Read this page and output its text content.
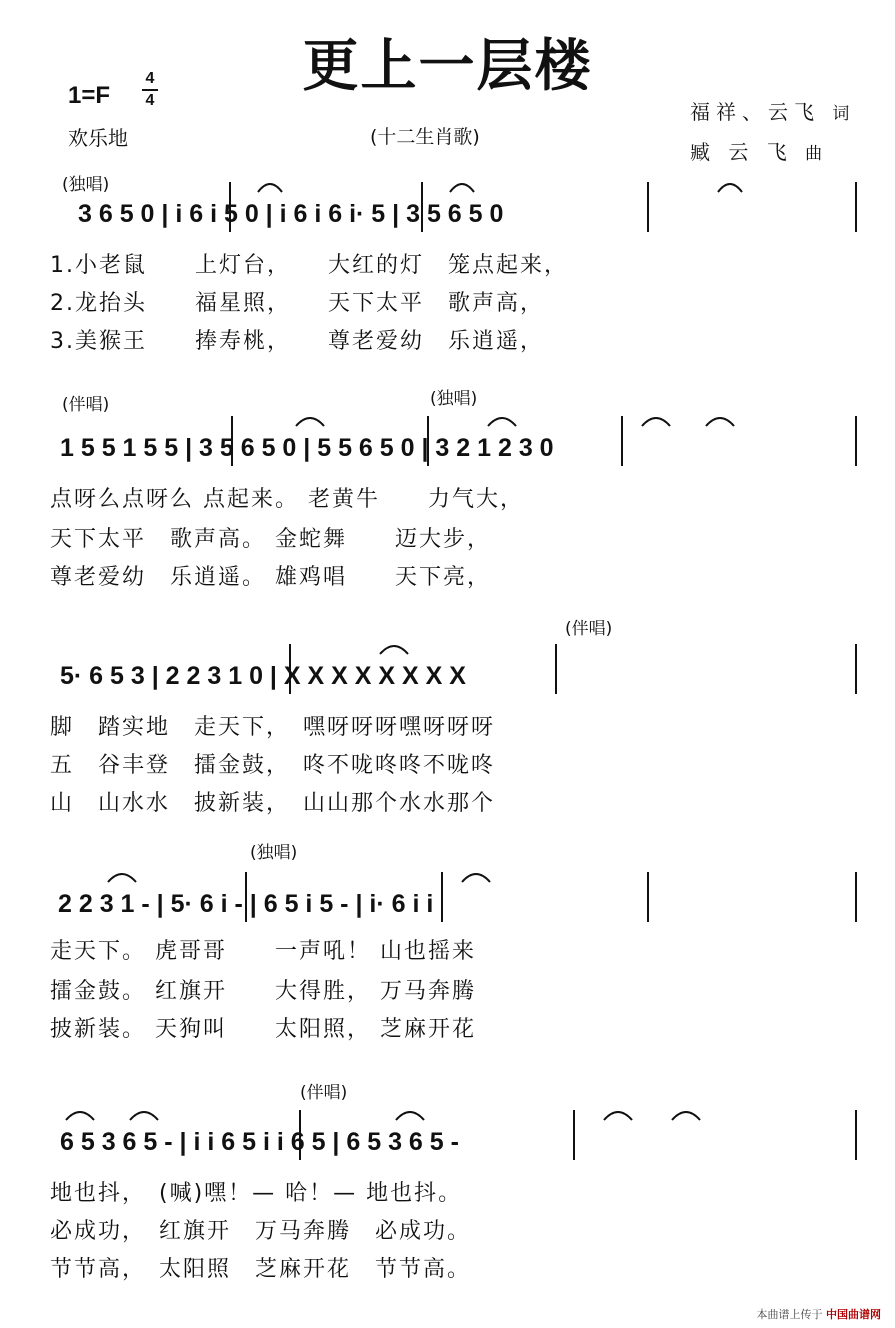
更上一层楼
1=F
4
4
欢乐地	(十二生肖歌)
福祥、云飞 词
臧 云 飞 曲
(独唱)
3 6 5 0 | i 6 i 5 0 | i 6 i 6 i· 5 | 3 5 6 5 0
1.小老鼠　　上灯台，　　大红的灯　笼点起来，
2.龙抬头　　福星照，　　天下太平　歌声高，
3.美猴王　　捧寿桃，　　尊老爱幼　乐逍遥，
(伴唱)	(独唱)
1 5 5 1 5 5 | 3 5 6 5 0 | 5 5 6 5 0 | 3 2 1 2 3 0
点呀么点呀么 点起来。 老黄牛　　力气大，
天下太平　歌声高。 金蛇舞　　迈大步，
尊老爱幼　乐逍遥。 雄鸡唱　　天下亮，
(伴唱)
5· 6 5 3 | 2 2 3 1 0 | X X X X X X X X
脚　踏实地　走天下，　嘿呀呀呀嘿呀呀呀
五　谷丰登　擂金鼓，　咚不咙咚咚不咙咚
山　山水水　披新装，　山山那个水水那个
(独唱)
2 2 3 1 - | 5· 6 i - | 6 5 i 5 - | i· 6 i i
走天下。 虎哥哥　　一声吼！ 山也摇来
擂金鼓。 红旗开　　大得胜， 万马奔腾
披新装。 天狗叫　　太阳照， 芝麻开花
(伴唱)
6 5 3 6 5 - | i i 6 5 i i 6 5 | 6 5 3 6 5 -
地也抖，　(喊)嘿！— 哈！— 地也抖。
必成功，　红旗开　万马奔腾　必成功。
节节高，　太阳照　芝麻开花　节节高。
本曲谱上传于 中国曲谱网
